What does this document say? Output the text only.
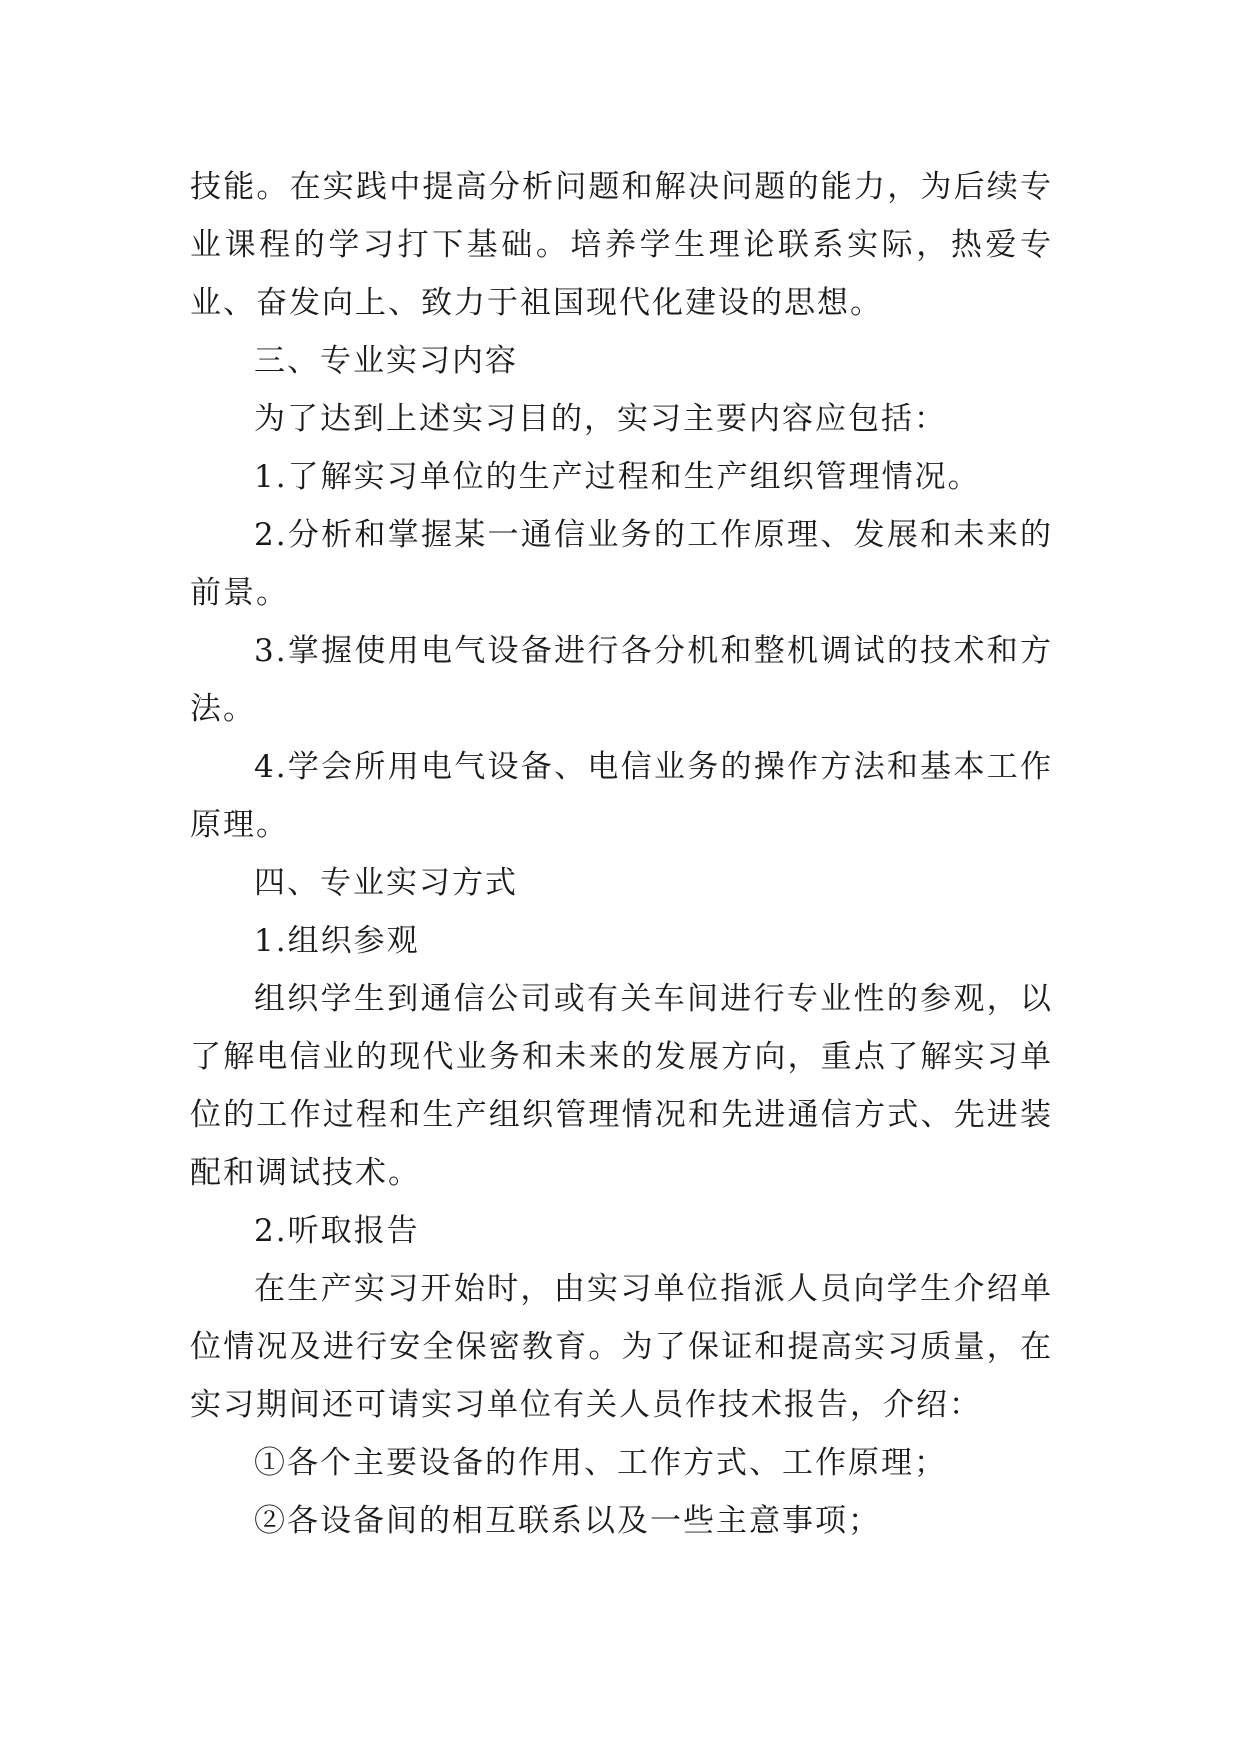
技能。在实践中提高分析问题和解决问题的能力，为后续专业课程的学习打下基础。培养学生理论联系实际，热爱专业、奋发向上、致力于祖国现代化建设的思想。

三、专业实习内容

为了达到上述实习目的，实习主要内容应包括：

1.了解实习单位的生产过程和生产组织管理情况。

2.分析和掌握某一通信业务的工作原理、发展和未来的前景。

3.掌握使用电气设备进行各分机和整机调试的技术和方法。

4.学会所用电气设备、电信业务的操作方法和基本工作原理。

四、专业实习方式

1.组织参观

组织学生到通信公司或有关车间进行专业性的参观，以了解电信业的现代业务和未来的发展方向，重点了解实习单位的工作过程和生产组织管理情况和先进通信方式、先进装配和调试技术。

2.听取报告

在生产实习开始时，由实习单位指派人员向学生介绍单位情况及进行安全保密教育。为了保证和提高实习质量，在实习期间还可请实习单位有关人员作技术报告，介绍：

①各个主要设备的作用、工作方式、工作原理；

②各设备间的相互联系以及一些主意事项；
